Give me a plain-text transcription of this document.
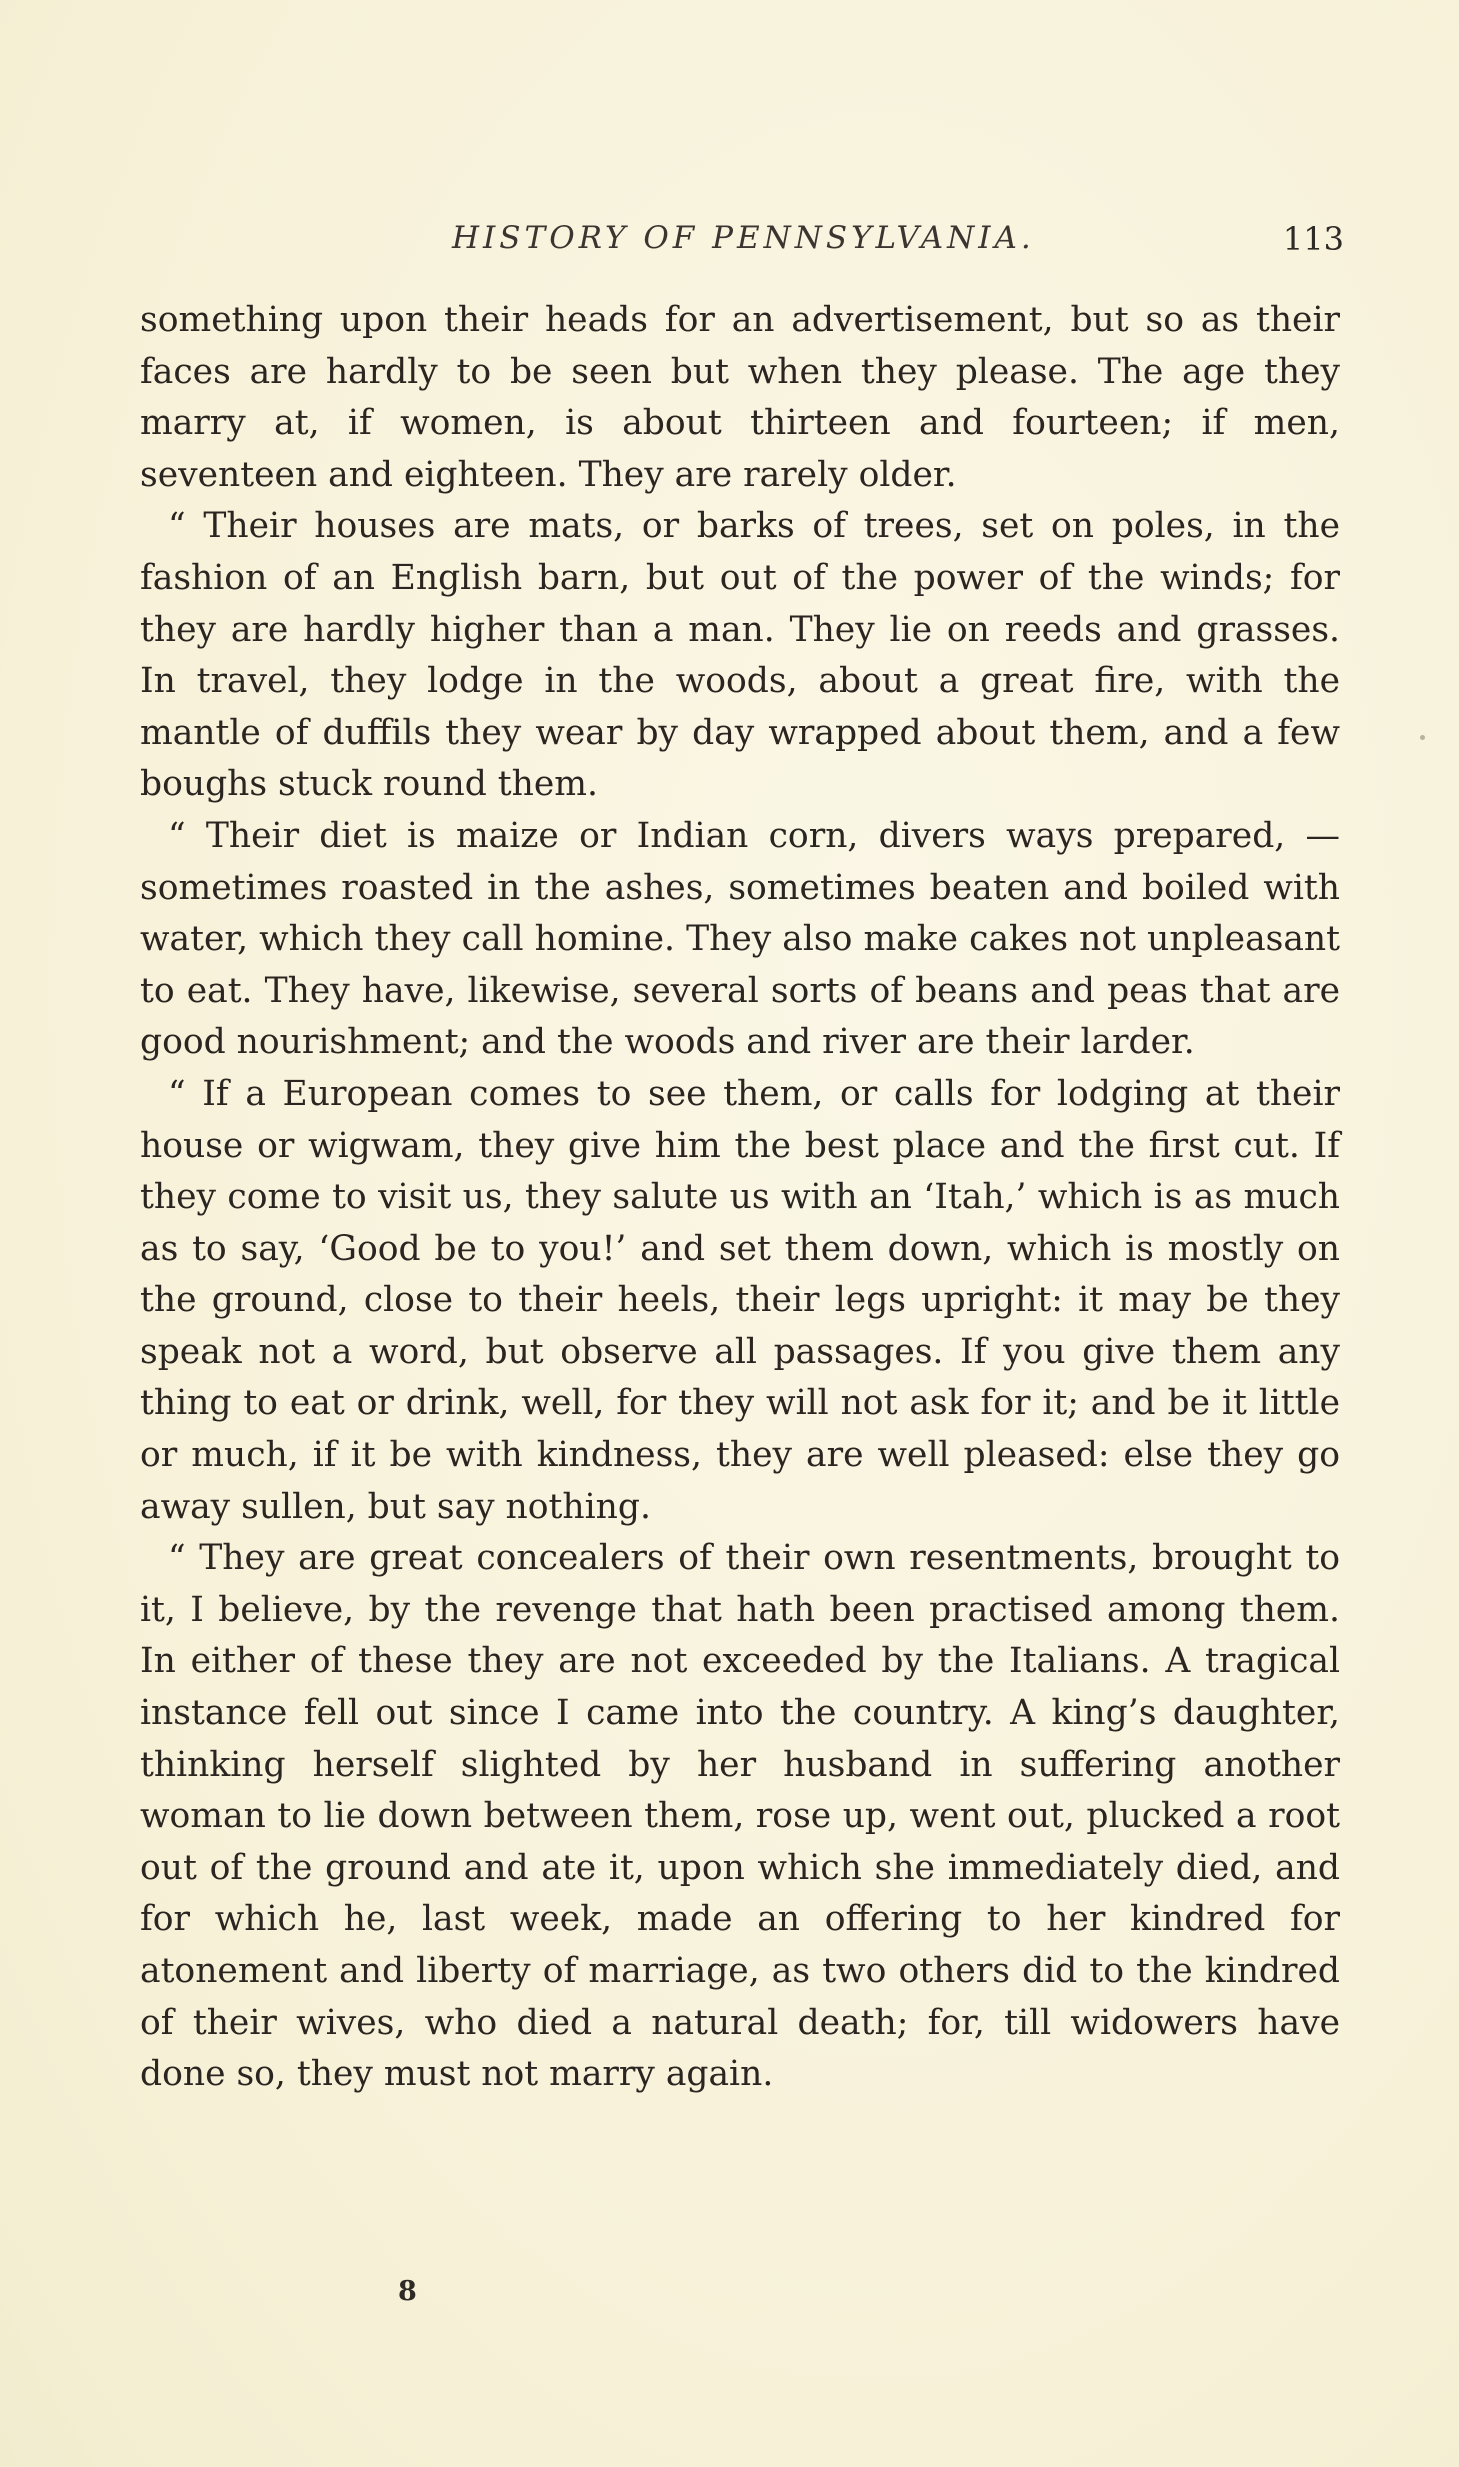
HISTORY OF PENNSYLVANIA.	113

something upon their heads for an advertisement, but so as their faces are hardly to be seen but when they please. The age they marry at, if women, is about thirteen and fourteen; if men, seventeen and eighteen. They are rarely older.

“ Their houses are mats, or barks of trees, set on poles, in the fashion of an English barn, but out of the power of the winds; for they are hardly higher than a man. They lie on reeds and grasses. In travel, they lodge in the woods, about a great fire, with the mantle of duffils they wear by day wrapped about them, and a few boughs stuck round them.

“ Their diet is maize or Indian corn, divers ways prepared, — sometimes roasted in the ashes, sometimes beaten and boiled with water, which they call homine. They also make cakes not unpleasant to eat. They have, likewise, several sorts of beans and peas that are good nourishment; and the woods and river are their larder.

“ If a European comes to see them, or calls for lodging at their house or wigwam, they give him the best place and the first cut. If they come to visit us, they salute us with an ‘Itah,’ which is as much as to say, ‘Good be to you!’ and set them down, which is mostly on the ground, close to their heels, their legs upright: it may be they speak not a word, but observe all passages. If you give them any thing to eat or drink, well, for they will not ask for it; and be it little or much, if it be with kindness, they are well pleased: else they go away sullen, but say nothing.

“ They are great concealers of their own resentments, brought to it, I believe, by the revenge that hath been practised among them. In either of these they are not exceeded by the Italians. A tragical instance fell out since I came into the country. A king’s daughter, thinking herself slighted by her husband in suffering another woman to lie down between them, rose up, went out, plucked a root out of the ground and ate it, upon which she immediately died, and for which he, last week, made an offering to her kindred for atonement and liberty of marriage, as two others did to the kindred of their wives, who died a natural death; for, till widowers have done so, they must not marry again.

8
